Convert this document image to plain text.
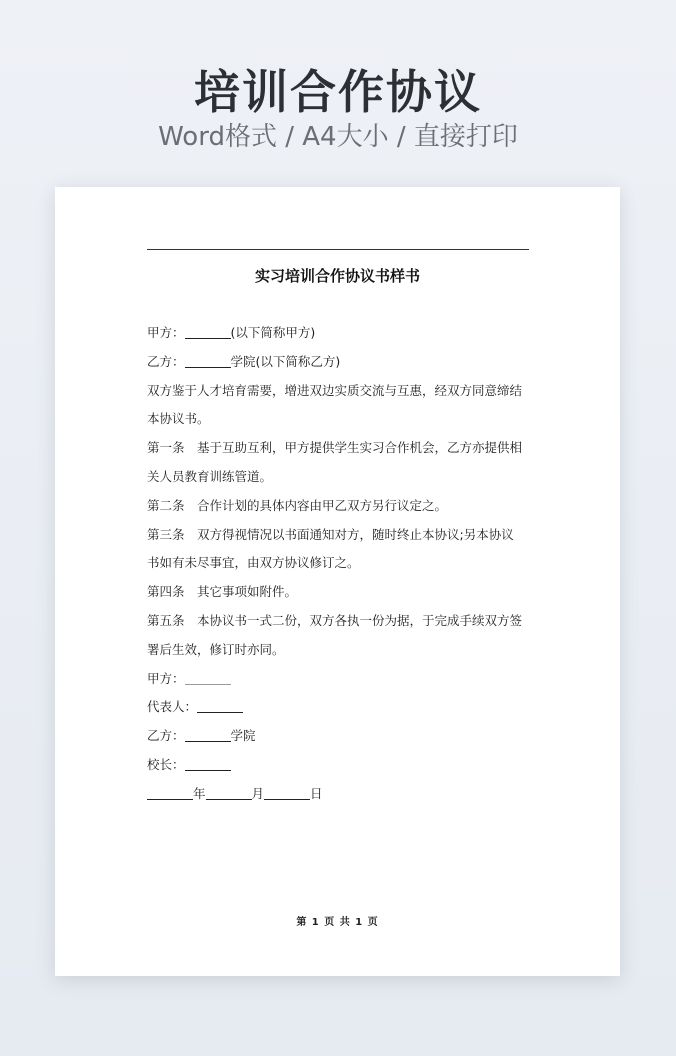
培训合作协议
Word格式 / A4大小 / 直接打印
实习培训合作协议书样书
甲方：	(以下简称甲方)
乙方：	学院(以下简称乙方)
双方鉴于人才培育需要，增进双边实质交流与互惠，经双方同意缔结
本协议书。
第一条　基于互助互利，甲方提供学生实习合作机会，乙方亦提供相
关人员教育训练管道。
第二条　合作计划的具体内容由甲乙双方另行议定之。
第三条　双方得视情况以书面通知对方，随时终止本协议;另本协议
书如有未尽事宜，由双方协议修订之。
第四条　其它事项如附件。
第五条　本协议书一式二份，双方各执一份为据，于完成手续双方签
署后生效，修订时亦同。
甲方：
代表人：
乙方：	学院
校长：
年	月	日
第 1 页 共 1 页
